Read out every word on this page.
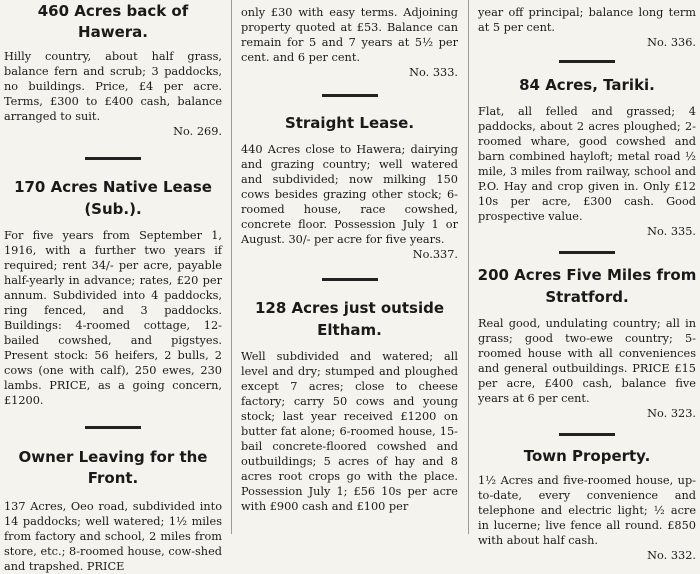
460 Acres back of Hawera.

Hilly country, about half grass, balance fern and scrub; 3 paddocks, no buildings. Price, £4 per acre. Terms, £300 to £400 cash, balance arranged to suit.
No. 269.

170 Acres Native Lease (Sub.).

For five years from September 1, 1916, with a further two years if required; rent 34/- per acre, payable half-yearly in advance; rates, £20 per annum. Subdivided into 4 paddocks, ring fenced, and 3 paddocks. Buildings: 4-roomed cottage, 12-bailed cowshed, and pigstyes. Present stock: 56 heifers, 2 bulls, 2 cows (one with calf), 250 ewes, 230 lambs. PRICE, as a going concern, £1200.

Owner Leaving for the Front.

137 Acres, Oeo road, subdivided into 14 paddocks; well watered; 1½ miles from factory and school, 2 miles from store, etc.; 8-roomed house, cow-shed and trapshed. PRICE

only £30 with easy terms. Adjoining property quoted at £53. Balance can remain for 5 and 7 years at 5½ per cent. and 6 per cent.
No. 333.

Straight Lease.

440 Acres close to Hawera; dairying and grazing country; well watered and subdivided; now milking 150 cows besides grazing other stock; 6-roomed house, race cowshed, concrete floor. Possession July 1 or August. 30/- per acre for five years.
No.337.

128 Acres just outside Eltham.

Well subdivided and watered; all level and dry; stumped and ploughed except 7 acres; close to cheese factory; carry 50 cows and young stock; last year received £1200 on butter fat alone; 6-roomed house, 15-bail concrete-floored cowshed and outbuildings; 5 acres of hay and 8 acres root crops go with the place. Possession July 1; £56 10s per acre with £900 cash and £100 per

year off principal; balance long term at 5 per cent.
No. 336.

84 Acres, Tariki.

Flat, all felled and grassed; 4 paddocks, about 2 acres ploughed; 2-roomed whare, good cowshed and barn combined hayloft; metal road ½ mile, 3 miles from railway, school and P.O. Hay and crop given in. Only £12 10s per acre, £300 cash. Good prospective value.
No. 335.

200 Acres Five Miles from Stratford.

Real good, undulating country; all in grass; good two-ewe country; 5-roomed house with all conveniences and general outbuildings. PRICE £15 per acre, £400 cash, balance five years at 6 per cent.
No. 323.

Town Property.

1½ Acres and five-roomed house, up-to-date, every convenience and telephone and electric light; ½ acre in lucerne; live fence all round. £850 with about half cash.
No. 332.
